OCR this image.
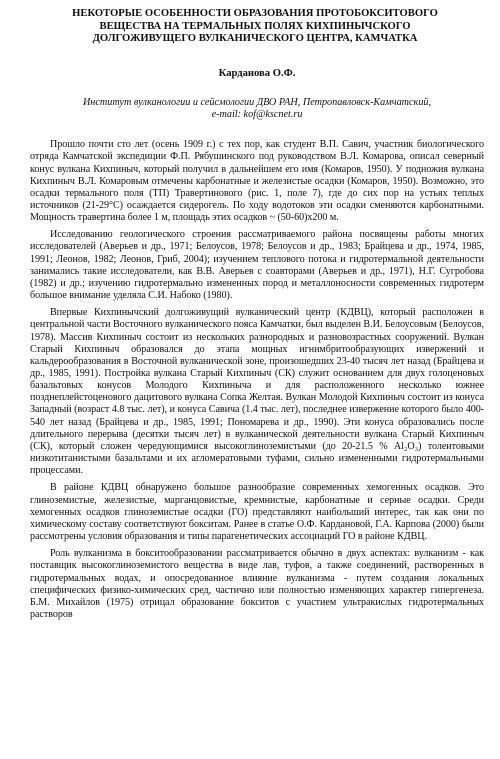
НЕКОТОРЫЕ ОСОБЕННОСТИ ОБРАЗОВАНИЯ ПРОТОБОКСИТОВОГО
ВЕЩЕСТВА НА ТЕРМАЛЬНЫХ ПОЛЯХ КИХПИНЫЧСКОГО
ДОЛГОЖИВУЩЕГО ВУЛКАНИЧЕСКОГО ЦЕНТРА, КАМЧАТКА
Карданова О.Ф.
Институт вулканологии и сейсмологии ДВО РАН, Петропавловск-Камчатский,
e-mail: kof@kscnet.ru

Прошло почти сто лет (осень 1909 г.) с тех пор, как студент В.П. Савич, участник биологического отряда Камчатской экспедиции Ф.П. Рябушинского под руководством В.Л. Комарова, описал северный конус вулкана Кихпиныч, который получил в дальнейшем его имя (Комаров, 1950). У подножия вулкана Кихпиныч В.Л. Комаровым отмечены карбонатные и железистые осадки (Комаров, 1950). Возможно, это осадки термального поля (ТП) Травертинового (рис. 1, поле 7), где до сих пор на устьях теплых источников (21-29°С) осаждается сидерогель. По ходу водотоков эти осадки сменяются карбонатными. Мощность травертина более 1 м, площадь этих осадков ~ (50-60)x200 м.

Исследованию геологического строения рассматриваемого района посвящены работы многих исследователей (Аверьев и др., 1971; Белоусов, 1978; Белоусов и др., 1983; Брайцева и др., 1974, 1985, 1991; Леонов, 1982; Леонов, Гриб, 2004); изучением теплового потока и гидротермальной деятельности занимались такие исследователи, как В.В. Аверьев с соавторами (Аверьев и др., 1971), Н.Г. Сугробова (1982) и др.; изучению гидротермально измененных пород и металлоносности современных гидротерм большое внимание уделяла С.И. Набоко (1980).

Впервые Кихпинычский долгоживущий вулканический центр (КДВЦ), который расположен в центральной части Восточного вулканического пояса Камчатки, был выделен В.И. Белоусовым (Белоусов, 1978). Массив Кихпиныч состоит из нескольких разнородных и разновозрастных сооружений. Вулкан Старый Кихпиныч образовался до этапа мощных игнимбритообразующих извержений и кальдерообразования в Восточной вулканической зоне, произошедших 23-40 тысяч лет назад (Брайцева и др., 1985, 1991). Постройка вулкана Старый Кихпиныч (СК) служит основанием для двух голоценовых базальтовых конусов Молодого Кихпиныча и для расположенного несколько южнее позднеплейстоценового дацитового вулкана Сопка Желтая. Вулкан Молодой Кихпиныч состоит из конуса Западный (возраст 4.8 тыс. лет), и конуса Савича (1.4 тыс. лет), последнее извержение которого было 400-540 лет назад (Брайцева и др., 1985, 1991; Пономарева и др., 1990). Эти конуса образовались после длительного перерыва (десятки тысяч лет) в вулканической деятельности вулкана Старый Кихпиныч (СК), который сложен чередующимися высокоглиноземистыми (до 20-21.5 % Al₂O₃) толеитовыми низкотитанистыми базальтами и их агломератовыми туфами, сильно измененными гидротермальными процессами.

В районе КДВЦ обнаружено большое разнообразие современных хемогенных осадков. Это глиноземистые, железистые, марганцовистые, кремнистые, карбонатные и серные осадки. Среди хемогенных осадков глиноземистые осадки (ГО) представляют наибольший интерес, так как они по химическому составу соответствуют бокситам. Ранее в статье О.Ф. Кардановой, Г.А. Карпова (2000) были рассмотрены условия образования и типы парагенетических ассоциаций ГО в районе КДВЦ.

Роль вулканизма в бокситообразовании рассматривается обычно в двух аспектах: вулканизм - как поставщик высокоглиноземистого вещества в виде лав, туфов, а также соединений, растворенных в гидротермальных водах, и опосредованное влияние вулканизма - путем создания локальных специфических физико-химических сред, частично или полностью изменяющих характер гипергенеза. Б.М. Михайлов (1975) отрицал образование бокситов с участием ультракислых гидротермальных растворов
